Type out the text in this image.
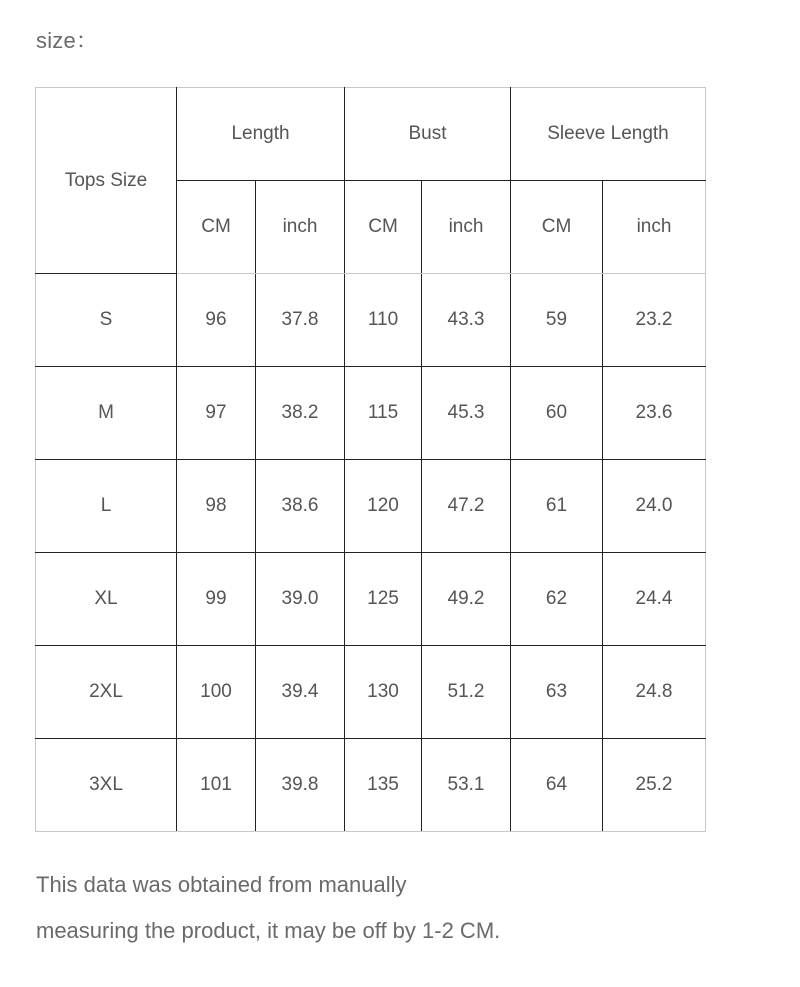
size：
Tops Size	Length		Bust		Sleeve Length	
	CM	inch	CM	inch	CM	inch
S	96	37.8	110	43.3	59	23.2
M	97	38.2	115	45.3	60	23.6
L	98	38.6	120	47.2	61	24.0
XL	99	39.0	125	49.2	62	24.4
2XL	100	39.4	130	51.2	63	24.8
3XL	101	39.8	135	53.1	64	25.2
This data was obtained from manually
measuring the product, it may be off by 1-2 CM.
